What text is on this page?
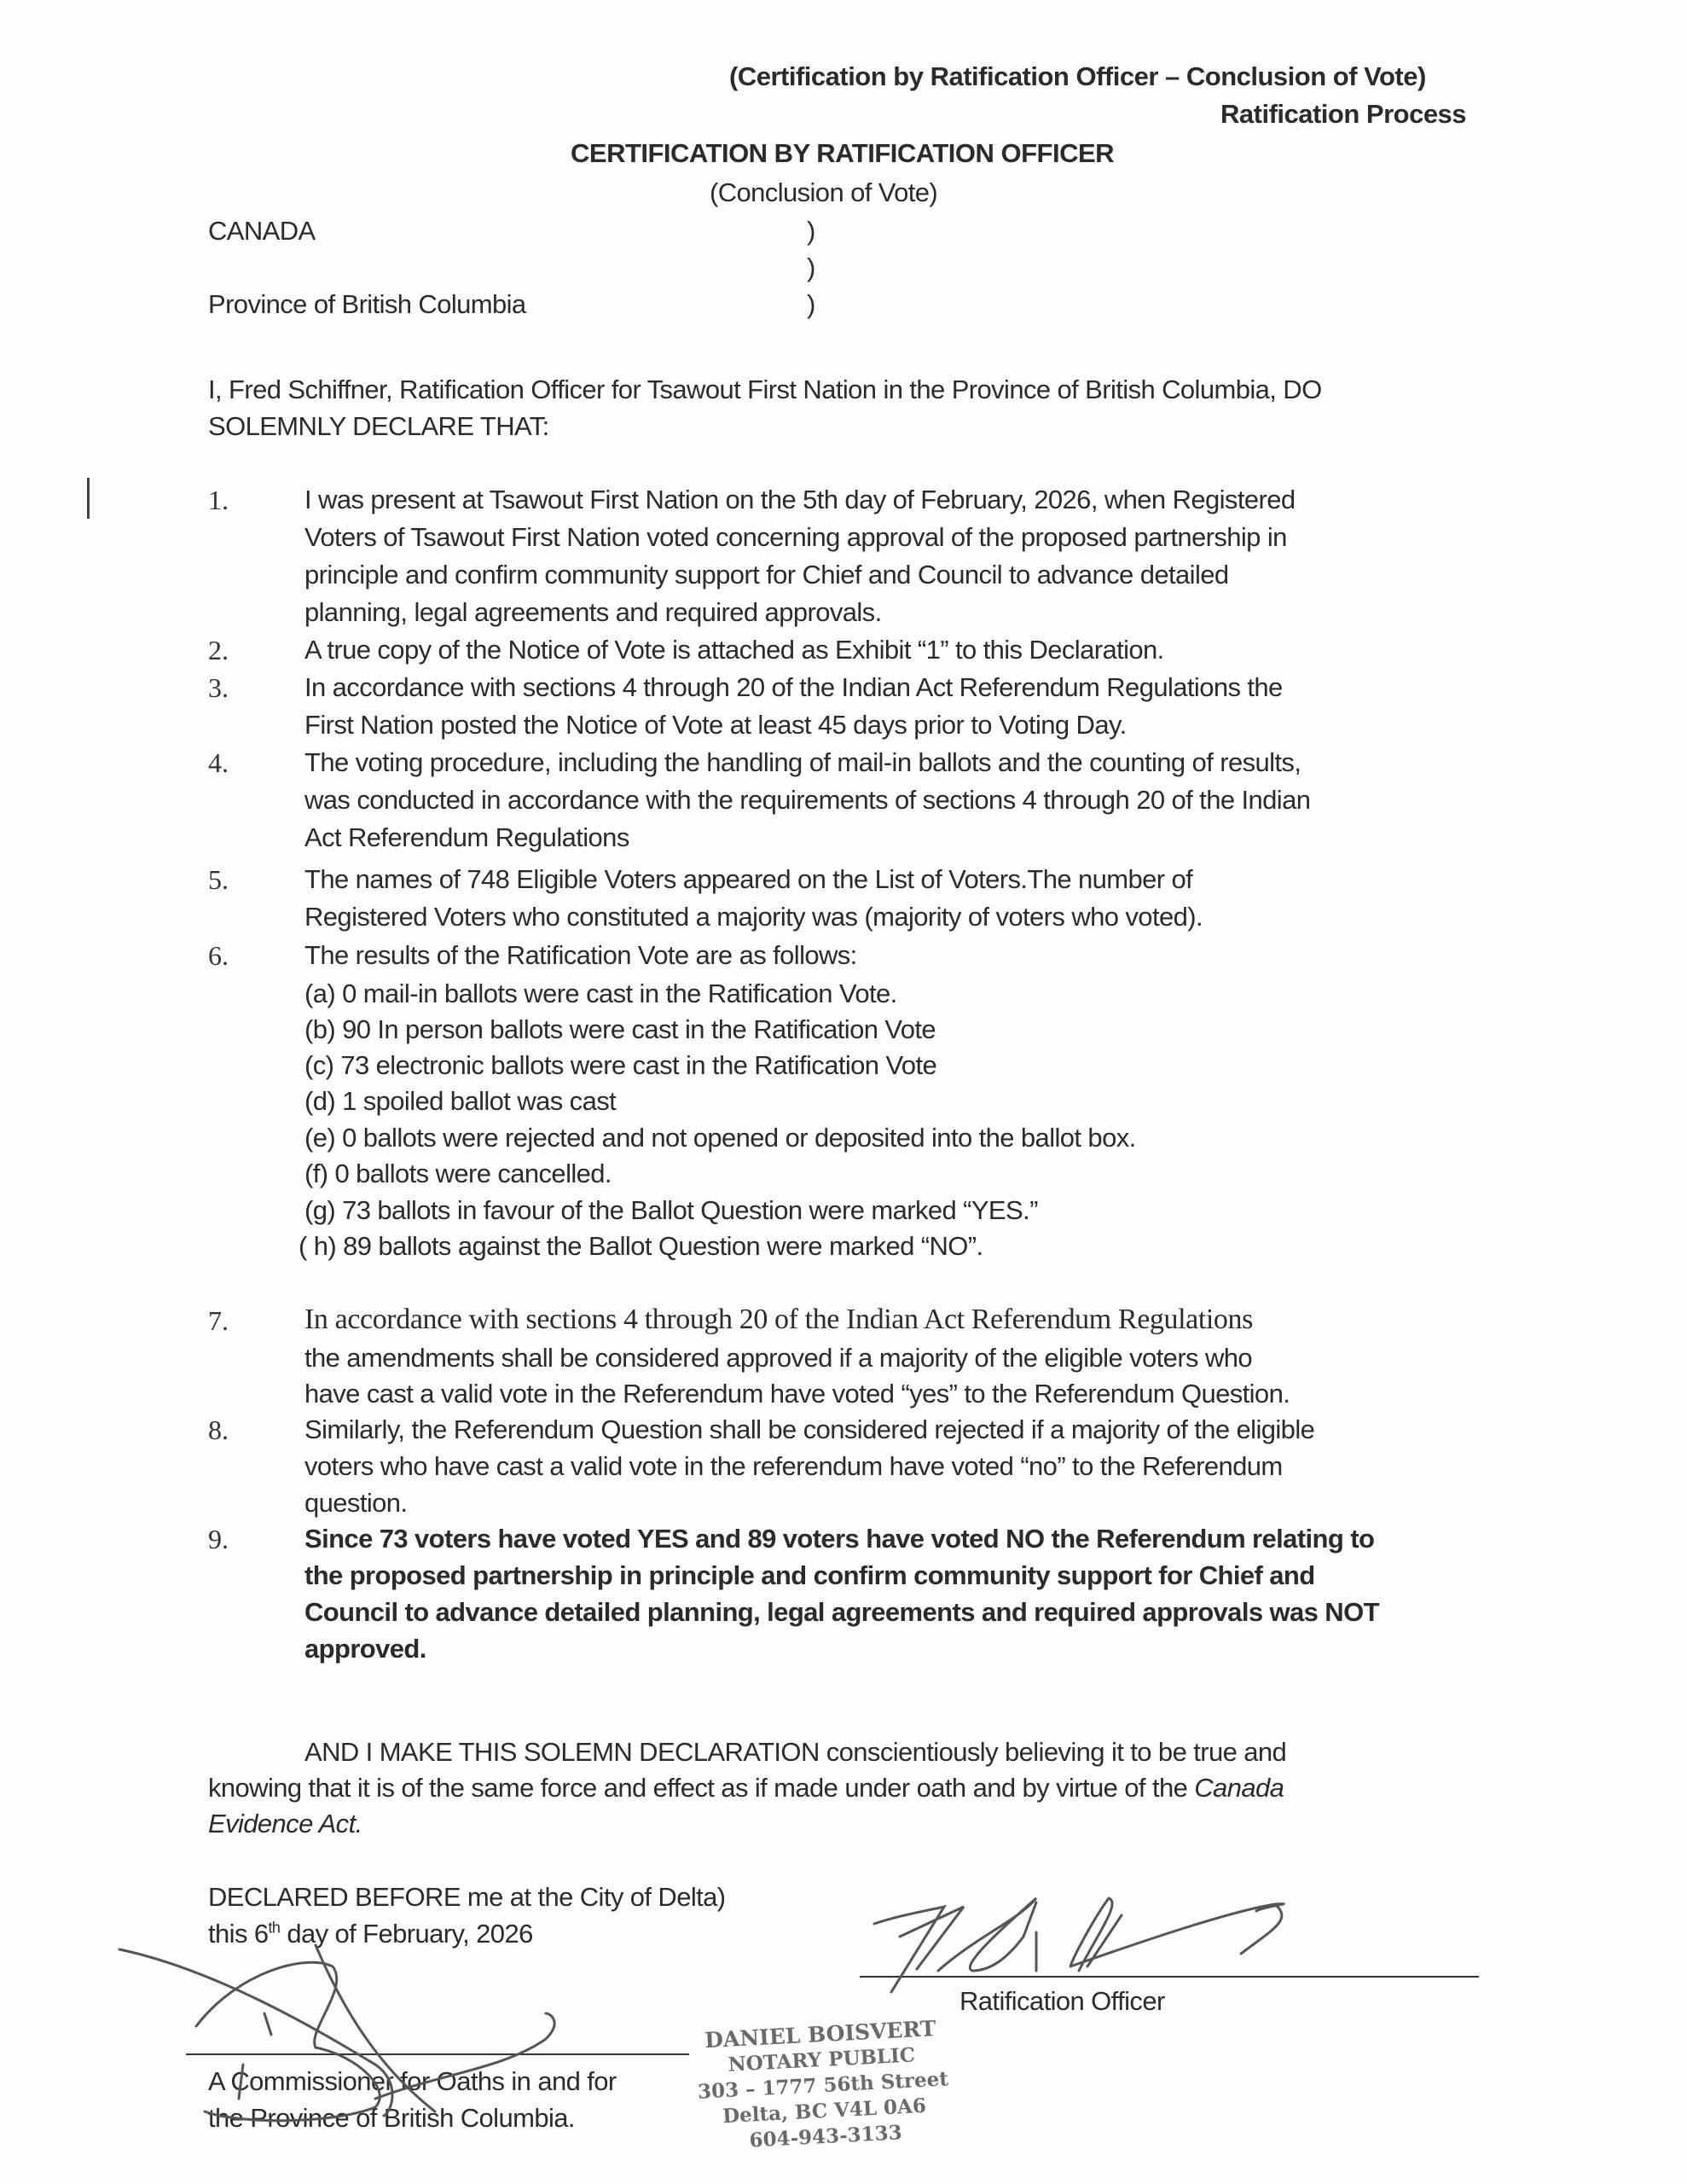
(Certification by Ratification Officer – Conclusion of Vote)
Ratification Process
CERTIFICATION BY RATIFICATION OFFICER
(Conclusion of Vote)
CANADA	)
)
Province of British Columbia	)
I, Fred Schiffner, Ratification Officer for Tsawout First Nation in the Province of British Columbia, DO
SOLEMNLY DECLARE THAT:
1.	I was present at Tsawout First Nation on the 5th day of February, 2026, when Registered
Voters of Tsawout First Nation voted concerning approval of the proposed partnership in
principle and confirm community support for Chief and Council to advance detailed
planning, legal agreements and required approvals.
2.	A true copy of the Notice of Vote is attached as Exhibit “1” to this Declaration.
3.	In accordance with sections 4 through 20 of the Indian Act Referendum Regulations the
First Nation posted the Notice of Vote at least 45 days prior to Voting Day.
4.	The voting procedure, including the handling of mail-in ballots and the counting of results,
was conducted in accordance with the requirements of sections 4 through 20 of the Indian
Act Referendum Regulations
5.	The names of 748 Eligible Voters appeared on the List of Voters.The number of
Registered Voters who constituted a majority was (majority of voters who voted).
6.	The results of the Ratification Vote are as follows:
(a) 0 mail-in ballots were cast in the Ratification Vote.
(b) 90 In person ballots were cast in the Ratification Vote
(c) 73 electronic ballots were cast in the Ratification Vote
(d) 1 spoiled ballot was cast
(e) 0 ballots were rejected and not opened or deposited into the ballot box.
(f) 0 ballots were cancelled.
(g) 73 ballots in favour of the Ballot Question were marked “YES.”
( h) 89 ballots against the Ballot Question were marked “NO”.
7.	In accordance with sections 4 through 20 of the Indian Act Referendum Regulations
the amendments shall be considered approved if a majority of the eligible voters who
have cast a valid vote in the Referendum have voted “yes” to the Referendum Question.
8.	Similarly, the Referendum Question shall be considered rejected if a majority of the eligible
voters who have cast a valid vote in the referendum have voted “no” to the Referendum
question.
9.	Since 73 voters have voted YES and 89 voters have voted NO the Referendum relating to
the proposed partnership in principle and confirm community support for Chief and
Council to advance detailed planning, legal agreements and required approvals was NOT
approved.
AND I MAKE THIS SOLEMN DECLARATION conscientiously believing it to be true and
knowing that it is of the same force and effect as if made under oath and by virtue of the Canada
Evidence Act.
DECLARED BEFORE me at the City of Delta)
this 6th day of February, 2026
A Commissioner for Oaths in and for
the Province of British Columbia.
DANIEL BOISVERT
NOTARY PUBLIC
303 – 1777 56th Street
Delta, BC V4L 0A6
604-943-3133
Ratification Officer
